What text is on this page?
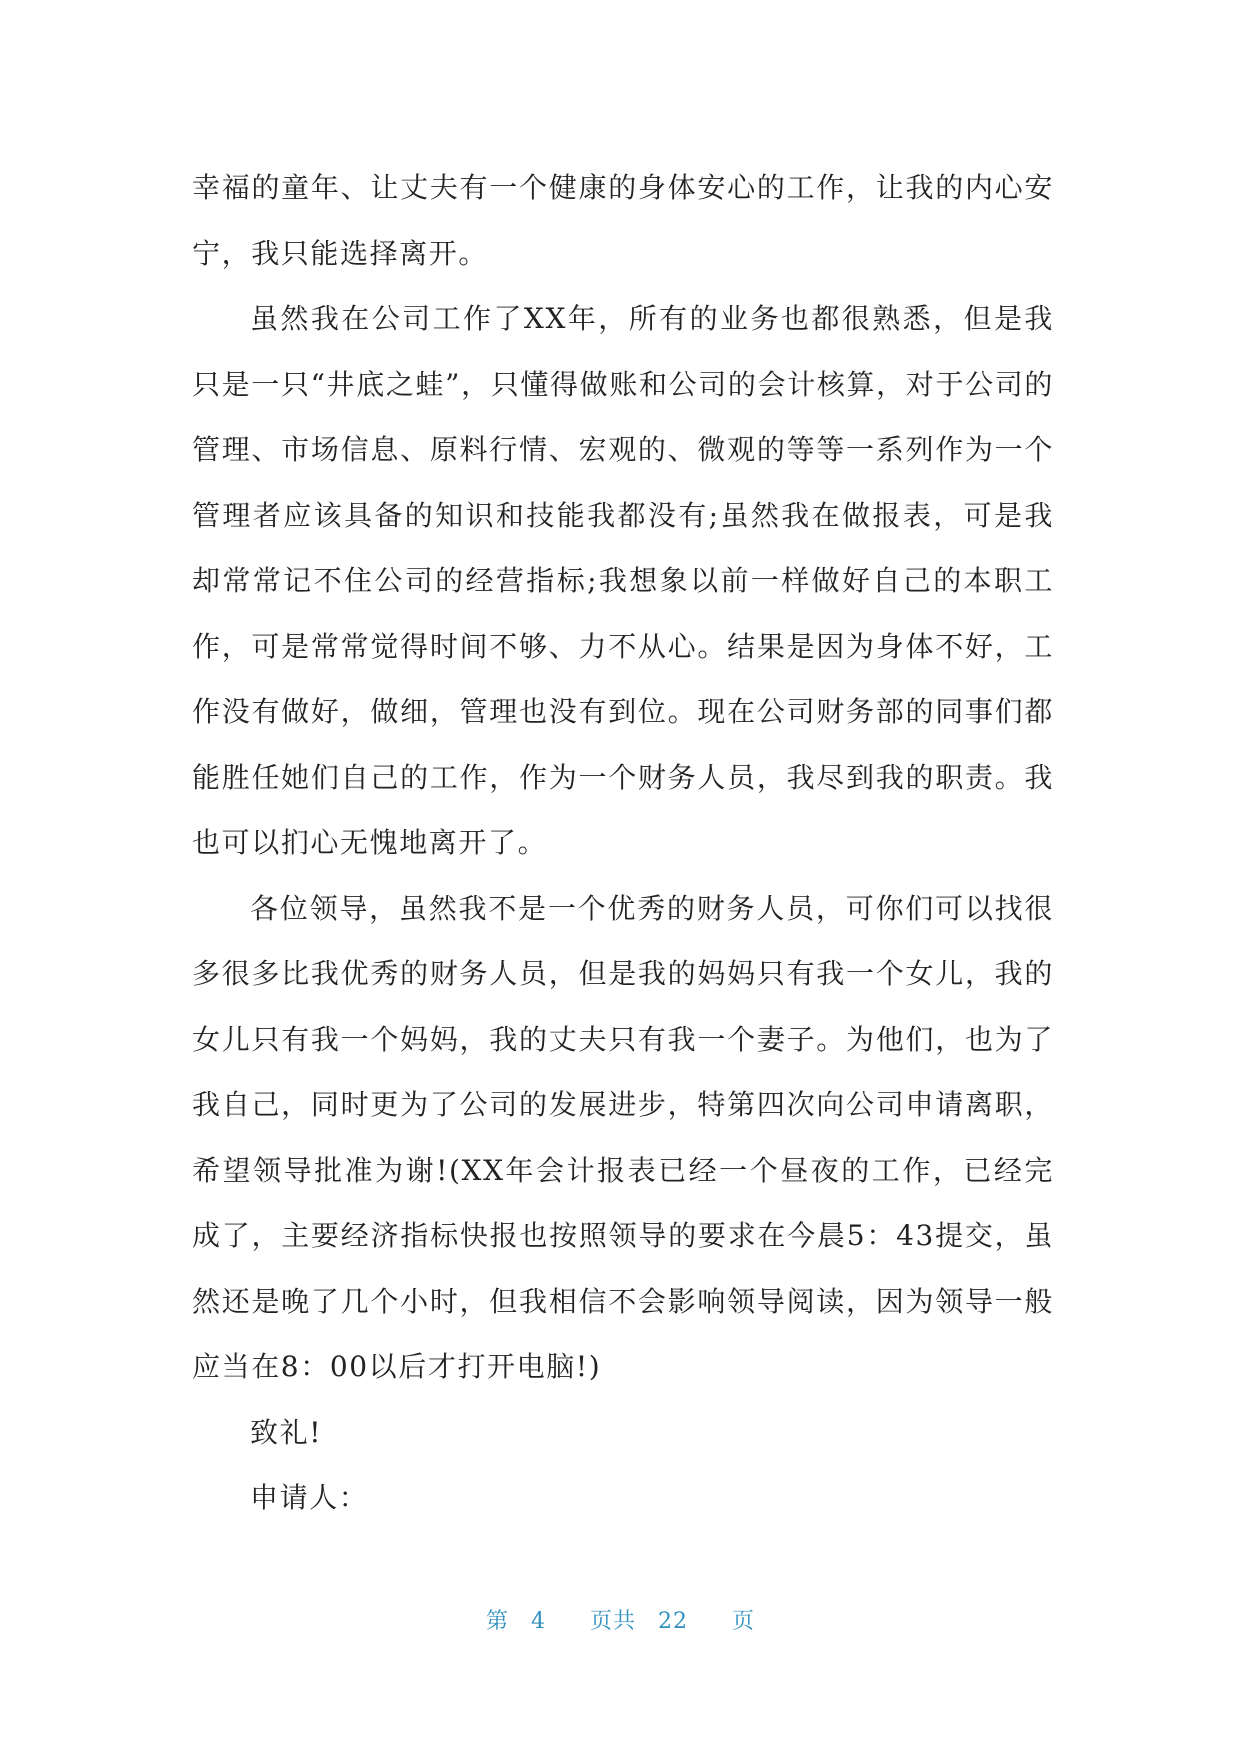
幸福的童年、让丈夫有一个健康的身体安心的工作，让我的内心安宁，我只能选择离开。

虽然我在公司工作了XX年，所有的业务也都很熟悉，但是我只是一只“井底之蛙”，只懂得做账和公司的会计核算，对于公司的管理、市场信息、原料行情、宏观的、微观的等等一系列作为一个管理者应该具备的知识和技能我都没有;虽然我在做报表，可是我却常常记不住公司的经营指标;我想象以前一样做好自己的本职工作，可是常常觉得时间不够、力不从心。结果是因为身体不好，工作没有做好，做细，管理也没有到位。现在公司财务部的同事们都能胜任她们自己的工作，作为一个财务人员，我尽到我的职责。我也可以扪心无愧地离开了。

各位领导，虽然我不是一个优秀的财务人员，可你们可以找很多很多比我优秀的财务人员，但是我的妈妈只有我一个女儿，我的女儿只有我一个妈妈，我的丈夫只有我一个妻子。为他们，也为了我自己，同时更为了公司的发展进步，特第四次向公司申请离职，希望领导批准为谢!(XX年会计报表已经一个昼夜的工作，已经完成了，主要经济指标快报也按照领导的要求在今晨5：43提交，虽然还是晚了几个小时，但我相信不会影响领导阅读，因为领导一般应当在8：00以后才打开电脑!)

致礼!

申请人：

第 4 页共 22 页
